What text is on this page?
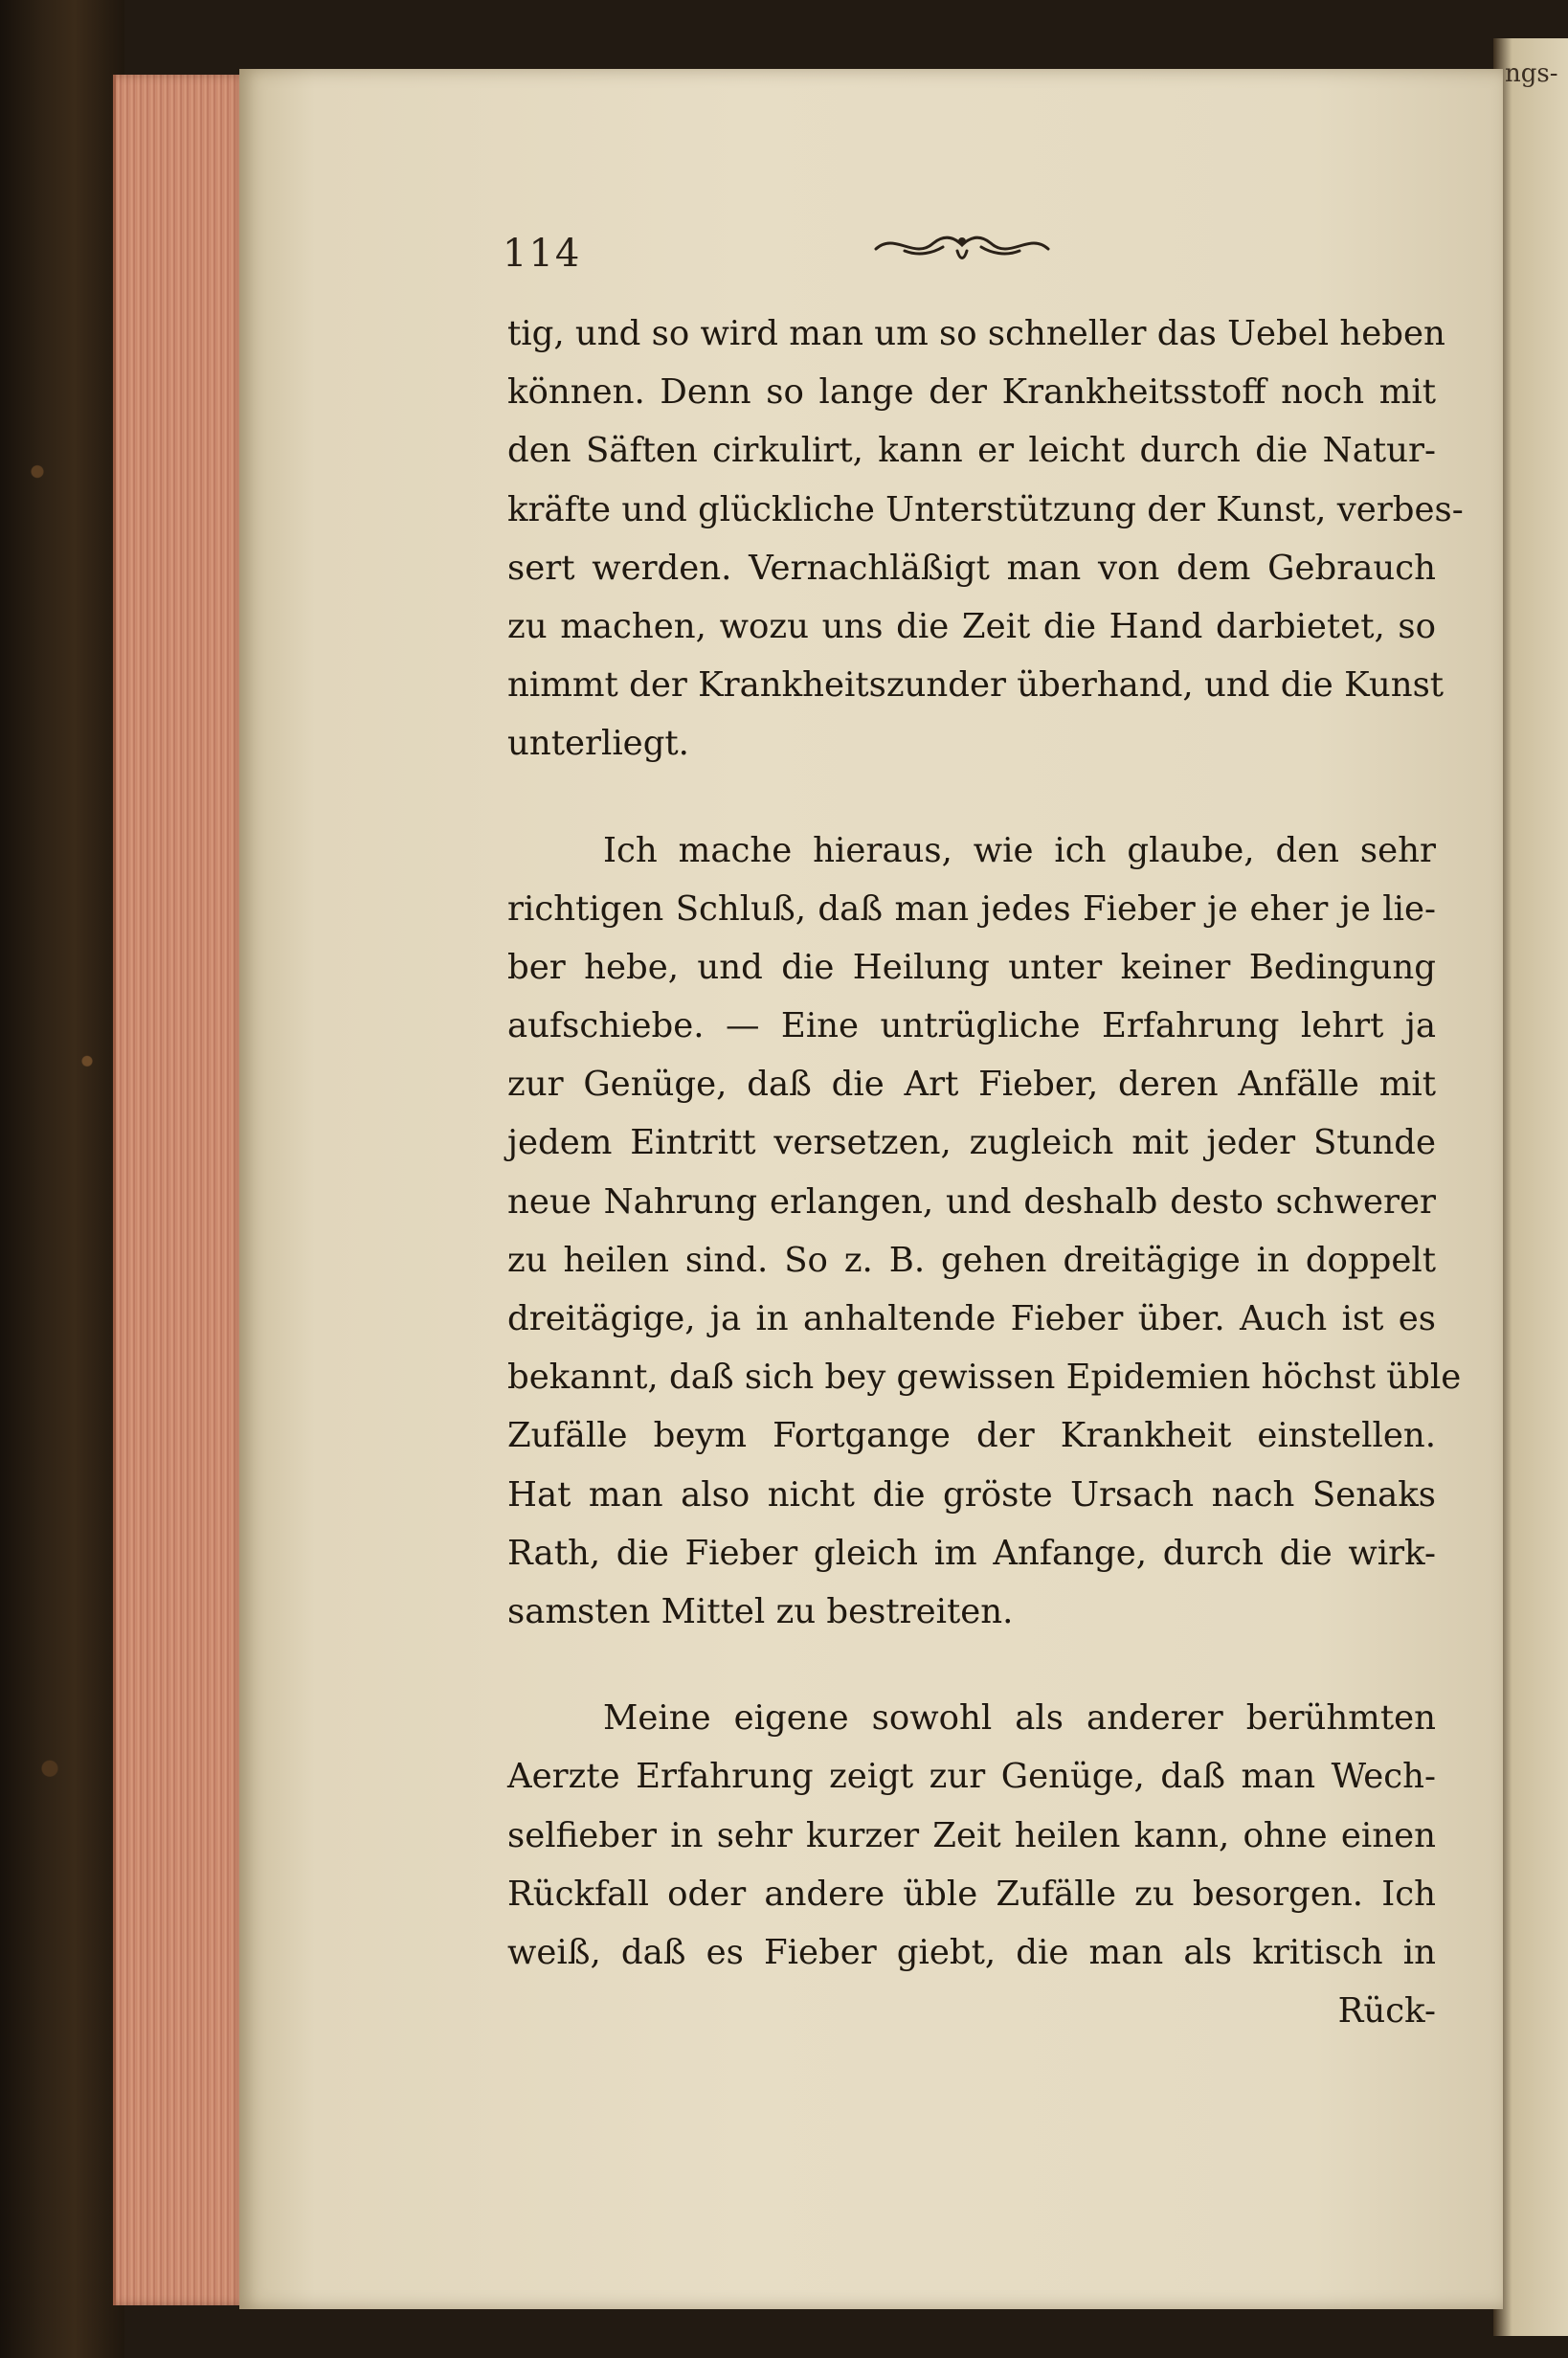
ngs-
114
tig, und so wird man um so schneller das Uebel heben
können. Denn so lange der Krankheitsstoff noch mit
den Säften cirkulirt, kann er leicht durch die Natur-
kräfte und glückliche Unterstützung der Kunst, verbes-
sert werden. Vernachläßigt man von dem Gebrauch
zu machen, wozu uns die Zeit die Hand darbietet, so
nimmt der Krankheitszunder überhand, und die Kunst
unterliegt.
Ich mache hieraus, wie ich glaube, den sehr
richtigen Schluß, daß man jedes Fieber je eher je lie-
ber hebe, und die Heilung unter keiner Bedingung
aufschiebe. — Eine untrügliche Erfahrung lehrt ja
zur Genüge, daß die Art Fieber, deren Anfälle mit
jedem Eintritt versetzen, zugleich mit jeder Stunde
neue Nahrung erlangen, und deshalb desto schwerer
zu heilen sind. So z. B. gehen dreitägige in doppelt
dreitägige, ja in anhaltende Fieber über. Auch ist es
bekannt, daß sich bey gewissen Epidemien höchst üble
Zufälle beym Fortgange der Krankheit einstellen.
Hat man also nicht die gröste Ursach nach Senaks
Rath, die Fieber gleich im Anfange, durch die wirk-
samsten Mittel zu bestreiten.
Meine eigene sowohl als anderer berühmten
Aerzte Erfahrung zeigt zur Genüge, daß man Wech-
selfieber in sehr kurzer Zeit heilen kann, ohne einen
Rückfall oder andere üble Zufälle zu besorgen. Ich
weiß, daß es Fieber giebt, die man als kritisch in
Rück-
